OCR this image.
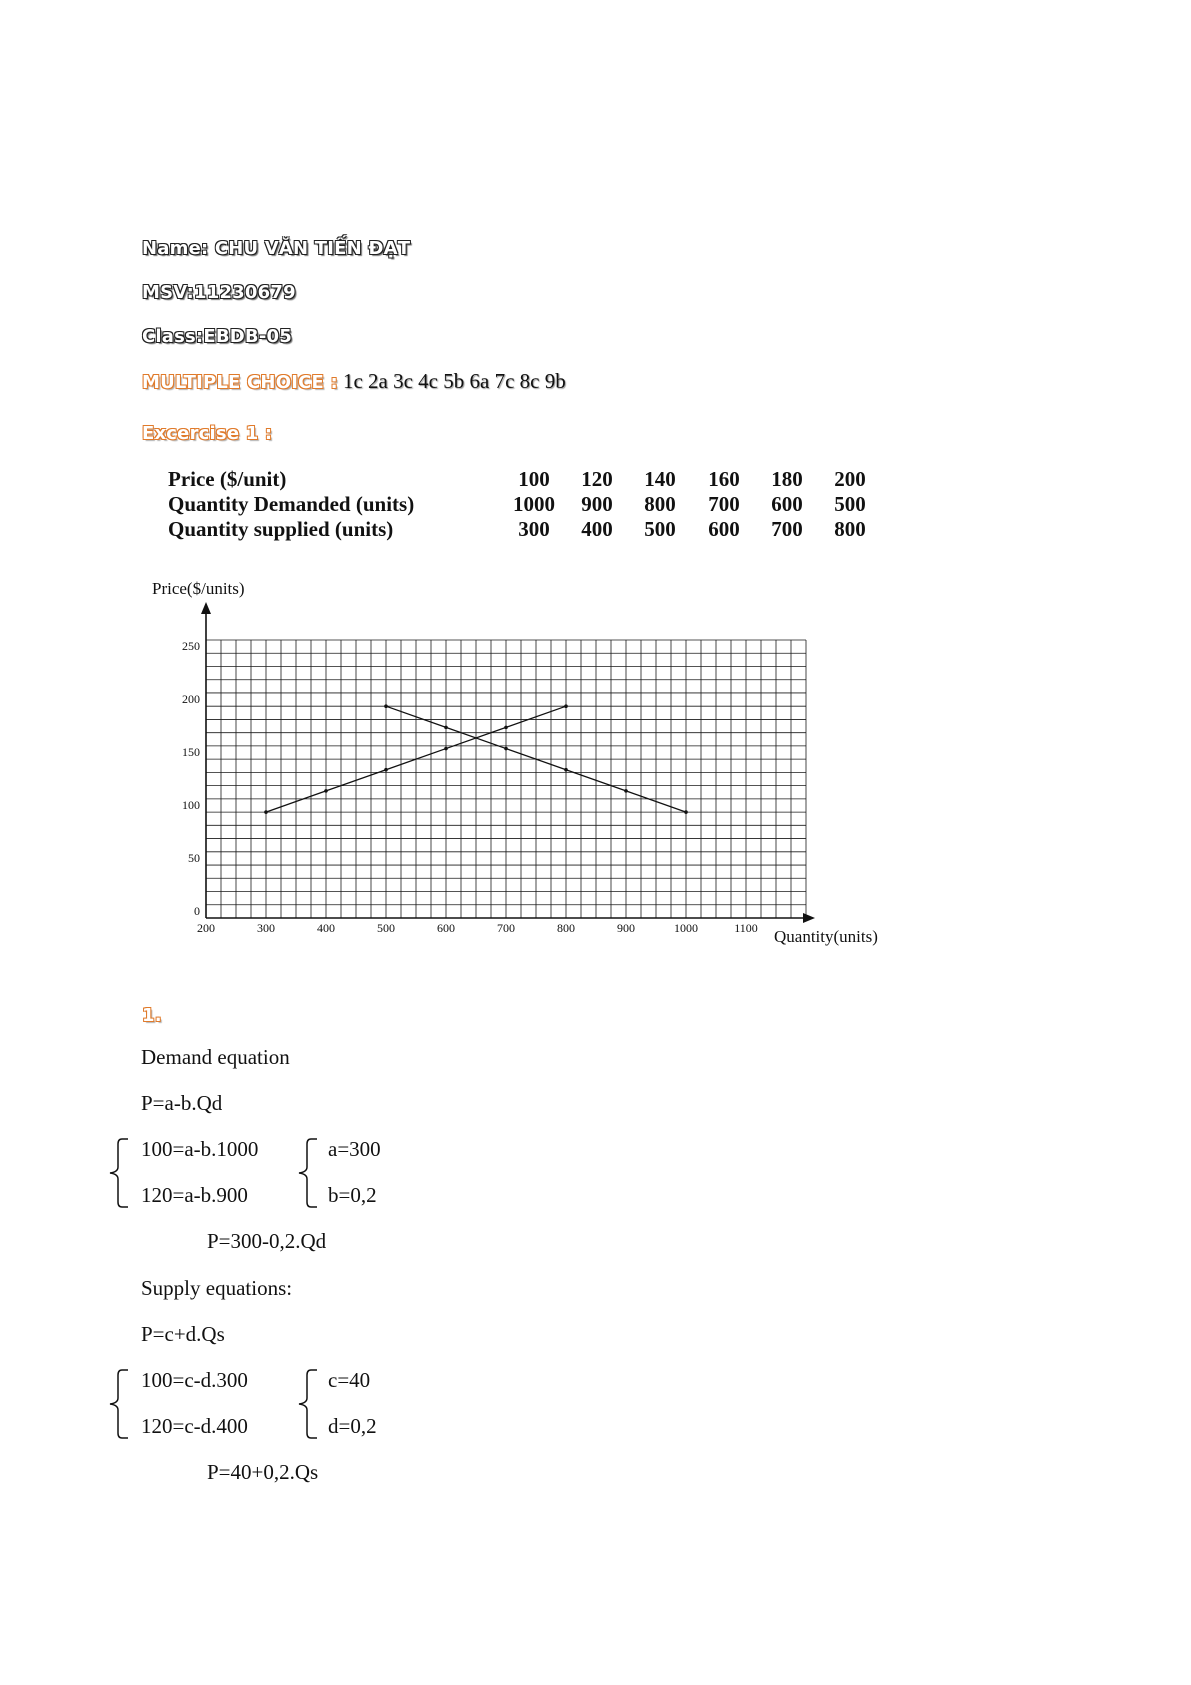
Name: CHU VĂN TIẾN ĐẠT
MSV:11230679
Class:EBDB-05
MULTIPLE CHOICE : 1c 2a 3c 4c 5b 6a 7c 8c 9b
Excercise 1 :
Price ($/unit)	100	120	140	160	180	200
Quantity Demanded (units)	1000	900	800	700	600	500
Quantity supplied (units)	300	400	500	600	700	800
200	300	400	500	600	700	800	900	1000	1100
0
50
100
150
200
250
Price($/units)
Quantity(units)
1.
Demand equation
P=a-b.Qd
100=a-b.1000
120=a-b.900
a=300
b=0,2
P=300-0,2.Qd
Supply equations:
P=c+d.Qs
100=c-d.300
120=c-d.400
c=40
d=0,2
P=40+0,2.Qs
